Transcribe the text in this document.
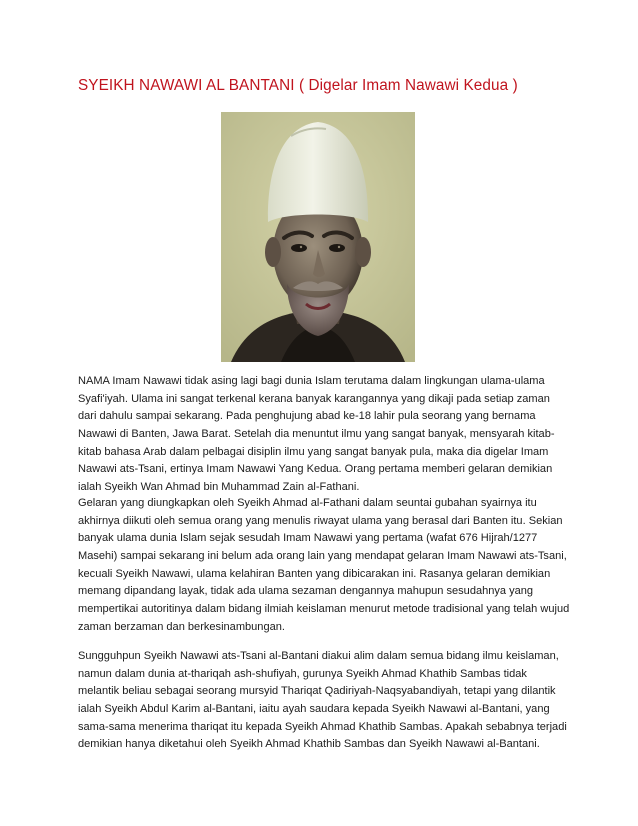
SYEIKH NAWAWI AL BANTANI ( Digelar Imam Nawawi Kedua )
NAMA Imam Nawawi tidak asing lagi bagi dunia Islam terutama dalam lingkungan ulama-ulama
Syafi'iyah. Ulama ini sangat terkenal kerana banyak karangannya yang dikaji pada setiap zaman
dari dahulu sampai sekarang. Pada penghujung abad ke-18 lahir pula seorang yang bernama
Nawawi di Banten, Jawa Barat. Setelah dia menuntut ilmu yang sangat banyak, mensyarah kitab-
kitab bahasa Arab dalam pelbagai disiplin ilmu yang sangat banyak pula, maka dia digelar Imam
Nawawi ats-Tsani, ertinya Imam Nawawi Yang Kedua. Orang pertama memberi gelaran demikian
ialah Syeikh Wan Ahmad bin Muhammad Zain al-Fathani.
Gelaran yang diungkapkan oleh Syeikh Ahmad al-Fathani dalam seuntai gubahan syairnya itu
akhirnya diikuti oleh semua orang yang menulis riwayat ulama yang berasal dari Banten itu. Sekian
banyak ulama dunia Islam sejak sesudah Imam Nawawi yang pertama (wafat 676 Hijrah/1277
Masehi) sampai sekarang ini belum ada orang lain yang mendapat gelaran Imam Nawawi ats-Tsani,
kecuali Syeikh Nawawi, ulama kelahiran Banten yang dibicarakan ini. Rasanya gelaran demikian
memang dipandang layak, tidak ada ulama sezaman dengannya mahupun sesudahnya yang
mempertikai autoritinya dalam bidang ilmiah keislaman menurut metode tradisional yang telah wujud
zaman berzaman dan berkesinambungan.
Sungguhpun Syeikh Nawawi ats-Tsani al-Bantani diakui alim dalam semua bidang ilmu keislaman,
namun dalam dunia at-thariqah ash-shufiyah, gurunya Syeikh Ahmad Khathib Sambas tidak
melantik beliau sebagai seorang mursyid Thariqat Qadiriyah-Naqsyabandiyah, tetapi yang dilantik
ialah Syeikh Abdul Karim al-Bantani, iaitu ayah saudara kepada Syeikh Nawawi al-Bantani, yang
sama-sama menerima thariqat itu kepada Syeikh Ahmad Khathib Sambas. Apakah sebabnya terjadi
demikian hanya diketahui oleh Syeikh Ahmad Khathib Sambas dan Syeikh Nawawi al-Bantani.
